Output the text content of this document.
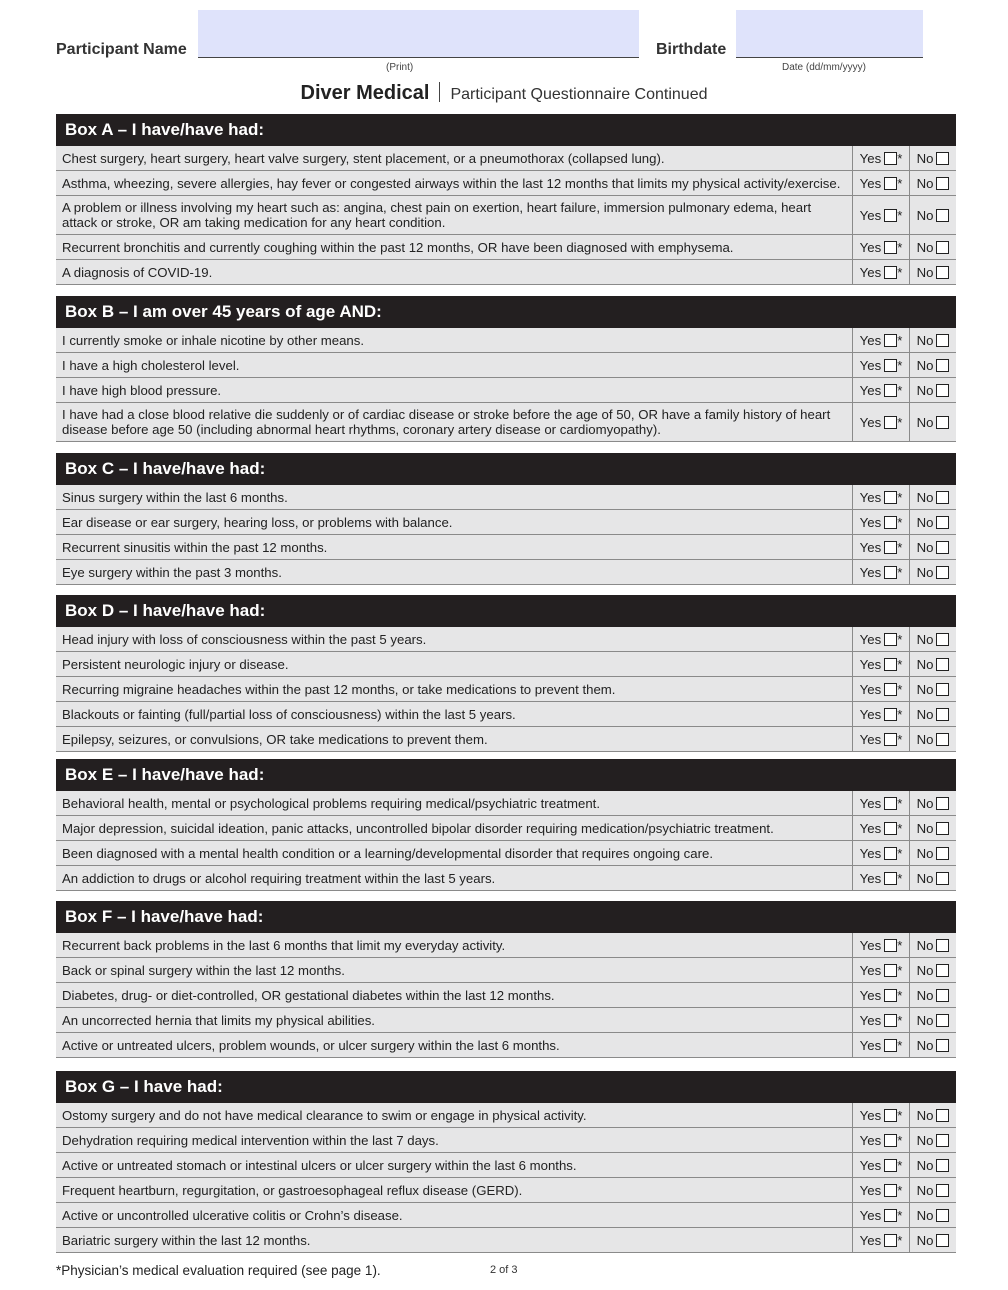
Participant Name
(Print)
Birthdate
Date (dd/mm/yyyy)
Diver Medical Participant Questionnaire Continued
Box A – I have/have had:
Chest surgery, heart surgery, heart valve surgery, stent placement, or a pneumothorax (collapsed lung).	Yes * No
Asthma, wheezing, severe allergies, hay fever or congested airways within the last 12 months that limits my physical activity/exercise.	Yes * No
A problem or illness involving my heart such as: angina, chest pain on exertion, heart failure, immersion pulmonary edema, heart attack or stroke, OR am taking medication for any heart condition.	Yes * No
Recurrent bronchitis and currently coughing within the past 12 months, OR have been diagnosed with emphysema.	Yes * No
A diagnosis of COVID-19.	Yes * No
Box B – I am over 45 years of age AND:
I currently smoke or inhale nicotine by other means.	Yes * No
I have a high cholesterol level.	Yes * No
I have high blood pressure.	Yes * No
I have had a close blood relative die suddenly or of cardiac disease or stroke before the age of 50, OR have a family history of heart disease before age 50 (including abnormal heart rhythms, coronary artery disease or cardiomyopathy).	Yes * No
Box C – I have/have had:
Sinus surgery within the last 6 months.	Yes * No
Ear disease or ear surgery, hearing loss, or problems with balance.	Yes * No
Recurrent sinusitis within the past 12 months.	Yes * No
Eye surgery within the past 3 months.	Yes * No
Box D – I have/have had:
Head injury with loss of consciousness within the past 5 years.	Yes * No
Persistent neurologic injury or disease.	Yes * No
Recurring migraine headaches within the past 12 months, or take medications to prevent them.	Yes * No
Blackouts or fainting (full/partial loss of consciousness) within the last 5 years.	Yes * No
Epilepsy, seizures, or convulsions, OR take medications to prevent them.	Yes * No
Box E – I have/have had:
Behavioral health, mental or psychological problems requiring medical/psychiatric treatment.	Yes * No
Major depression, suicidal ideation, panic attacks, uncontrolled bipolar disorder requiring medication/psychiatric treatment.	Yes * No
Been diagnosed with a mental health condition or a learning/developmental disorder that requires ongoing care.	Yes * No
An addiction to drugs or alcohol requiring treatment within the last 5 years.	Yes * No
Box F – I have/have had:
Recurrent back problems in the last 6 months that limit my everyday activity.	Yes * No
Back or spinal surgery within the last 12 months.	Yes * No
Diabetes, drug- or diet-controlled, OR gestational diabetes within the last 12 months.	Yes * No
An uncorrected hernia that limits my physical abilities.	Yes * No
Active or untreated ulcers, problem wounds, or ulcer surgery within the last 6 months.	Yes * No
Box G – I have had:
Ostomy surgery and do not have medical clearance to swim or engage in physical activity.	Yes * No
Dehydration requiring medical intervention within the last 7 days.	Yes * No
Active or untreated stomach or intestinal ulcers or ulcer surgery within the last 6 months.	Yes * No
Frequent heartburn, regurgitation, or gastroesophageal reflux disease (GERD).	Yes * No
Active or uncontrolled ulcerative colitis or Crohn’s disease.	Yes * No
Bariatric surgery within the last 12 months.	Yes * No
*Physician’s medical evaluation required (see page 1).	2 of 3
